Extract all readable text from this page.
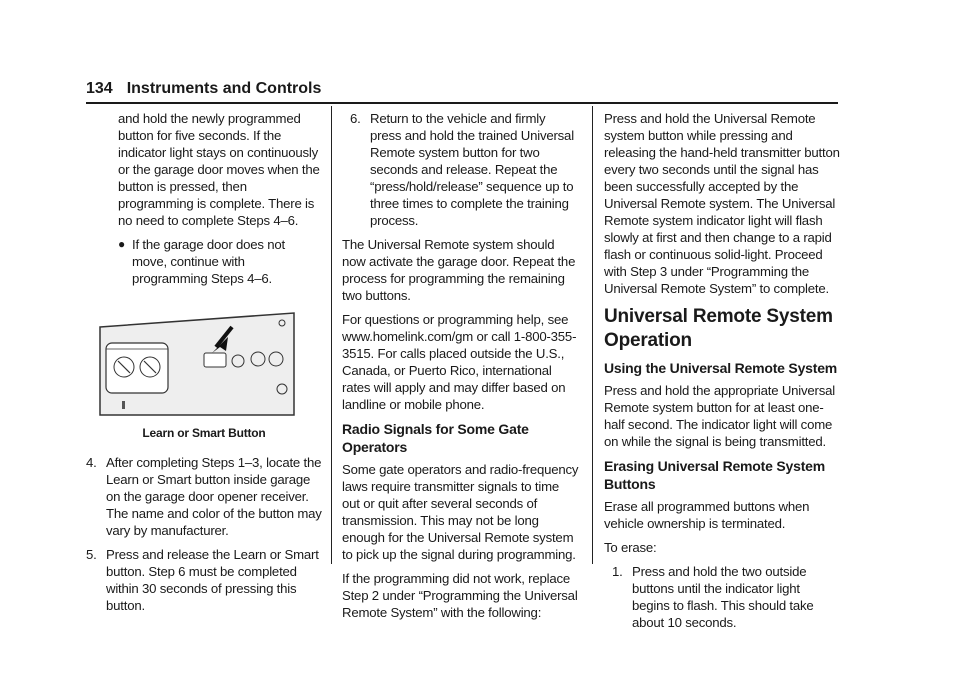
134 Instruments and Controls

and hold the newly programmed button for five seconds. If the indicator light stays on continuously or the garage door moves when the button is pressed, then programming is complete. There is no need to complete Steps 4–6.

● If the garage door does not move, continue with programming Steps 4–6.
Learn or Smart Button
4. After completing Steps 1–3, locate the Learn or Smart button inside garage on the garage door opener receiver. The name and color of the button may vary by manufacturer.
5. Press and release the Learn or Smart button. Step 6 must be completed within 30 seconds of pressing this button.
6. Return to the vehicle and firmly press and hold the trained Universal Remote system button for two seconds and release. Repeat the “press/hold/release” sequence up to three times to complete the training process.

The Universal Remote system should now activate the garage door. Repeat the process for programming the remaining two buttons.

For questions or programming help, see www.homelink.com/gm or call 1-800-355-3515. For calls placed outside the U.S., Canada, or Puerto Rico, international rates will apply and may differ based on landline or mobile phone.

Radio Signals for Some Gate Operators

Some gate operators and radio-frequency laws require transmitter signals to time out or quit after several seconds of transmission. This may not be long enough for the Universal Remote system to pick up the signal during programming.

If the programming did not work, replace Step 2 under “Programming the Universal Remote System” with the following:

Press and hold the Universal Remote system button while pressing and releasing the hand-held transmitter button every two seconds until the signal has been successfully accepted by the Universal Remote system. The Universal Remote system indicator light will flash slowly at first and then change to a rapid flash or continuous solid-light. Proceed with Step 3 under “Programming the Universal Remote System” to complete.

Universal Remote System Operation
Using the Universal Remote System

Press and hold the appropriate Universal Remote system button for at least one-half second. The indicator light will come on while the signal is being transmitted.

Erasing Universal Remote System Buttons

Erase all programmed buttons when vehicle ownership is terminated.

To erase:

1. Press and hold the two outside buttons until the indicator light begins to flash. This should take about 10 seconds.
